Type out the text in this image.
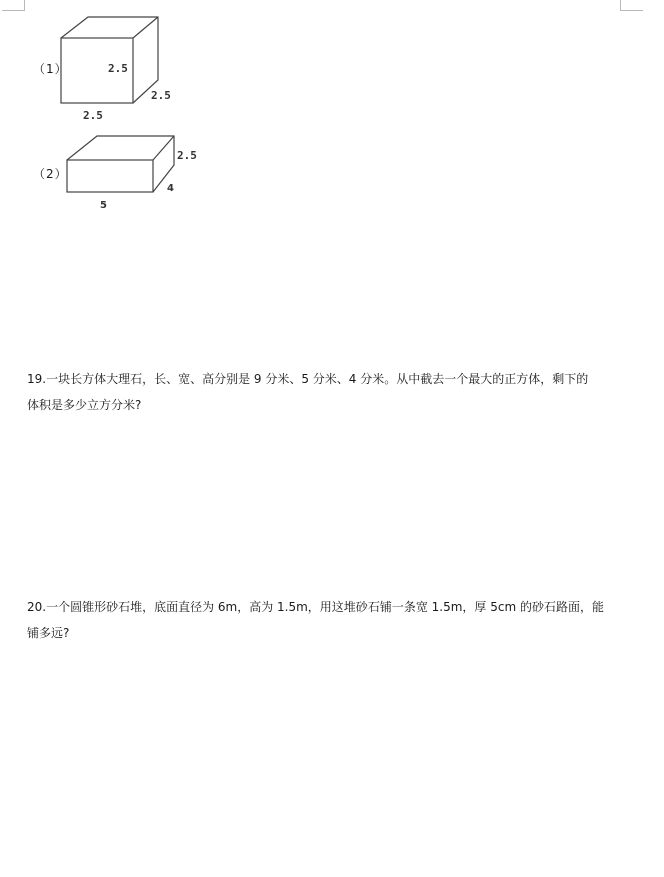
（1）
（2）
2.5
2.5
2.5
2.5
4
5
19.一块长方体大理石，长、宽、高分别是 9 分米、5 分米、4 分米。从中截去一个最大的正方体，剩下的
体积是多少立方分米?
20.一个圆锥形砂石堆，底面直径为 6m，高为 1.5m，用这堆砂石铺一条宽 1.5m，厚 5cm 的砂石路面，能
铺多远?
